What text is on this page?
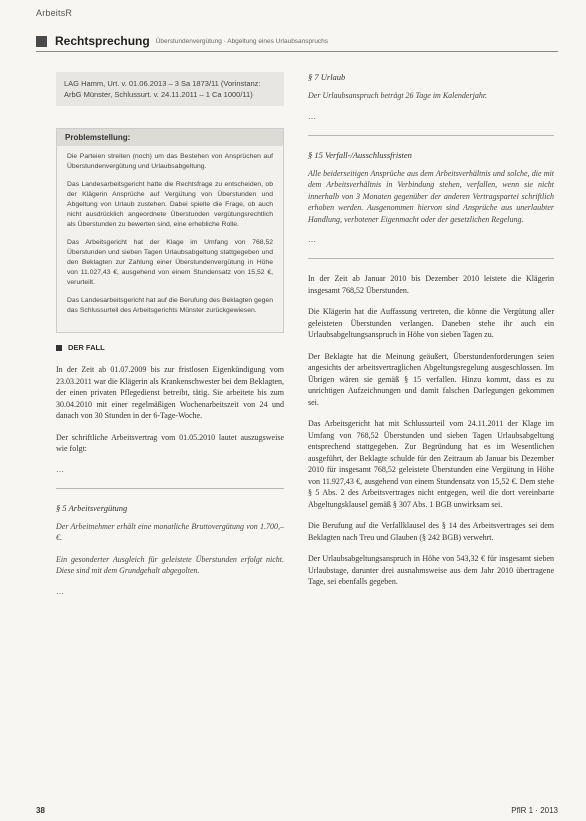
ArbeitsR
Rechtsprechung Überstundenvergütung · Abgeltung eines Urlaubsanspruchs
LAG Hamm, Urt. v. 01.06.2013 – 3 Sa 1873/11 (Vorinstanz: ArbG Münster, Schlussurt. v. 24.11.2011 – 1 Ca 1000/11)
Problemstellung:

Die Parteien streiten (noch) um das Bestehen von Ansprüchen auf Überstundenvergütung und Urlaubsabgeltung.

Das Landesarbeitsgericht hatte die Rechtsfrage zu entscheiden, ob der Klägerin Ansprüche auf Vergütung von Überstunden und Abgeltung von Urlaub zustehen. Dabei spielte die Frage, ob auch nicht ausdrücklich angeordnete Überstunden vergütungsrechtlich als Überstunden zu bewerten sind, eine erhebliche Rolle.

Das Arbeitsgericht hat der Klage im Umfang von 768,52 Überstunden und sieben Tagen Urlaubsabgeltung stattgegeben und den Beklagten zur Zahlung einer Überstundenvergütung in Höhe von 11.027,43 €, ausgehend von einem Stundensatz von 15,52 €, verurteilt.

Das Landesarbeitsgericht hat auf die Berufung des Beklagten gegen das Schlussurteil des Arbeitsgerichts Münster zurückgewiesen.

DER FALL

In der Zeit ab 01.07.2009 bis zur fristlosen Eigenkündigung vom 23.03.2011 war die Klägerin als Krankenschwester bei dem Beklagten, der einen privaten Pflegedienst betreibt, tätig. Sie arbeitete bis zum 30.04.2010 mit einer regelmäßigen Wochenarbeitszeit von 24 und danach von 30 Stunden in der 6-Tage-Woche.

Der schriftliche Arbeitsvertrag vom 01.05.2010 lautet auszugsweise wie folgt:

…

§ 5 Arbeitsvergütung

Der Arbeitnehmer erhält eine monatliche Bruttovergütung von 1.700,– €.

Ein gesonderter Ausgleich für geleistete Überstunden erfolgt nicht. Diese sind mit dem Grundgehalt abgegolten.

…

§ 7 Urlaub

Der Urlaubsanspruch beträgt 26 Tage im Kalenderjahr.

…

§ 15 Verfall-/Ausschlussfristen

Alle beiderseitigen Ansprüche aus dem Arbeitsverhältnis und solche, die mit dem Arbeitsverhältnis in Verbindung stehen, verfallen, wenn sie nicht innerhalb von 3 Monaten gegenüber der anderen Vertragspartei schriftlich erhoben werden. Ausgenommen hiervon sind Ansprüche aus unerlaubter Handlung, verbotener Eigenmacht oder der gesetzlichen Regelung.

…

In der Zeit ab Januar 2010 bis Dezember 2010 leistete die Klägerin insgesamt 768,52 Überstunden.

Die Klägerin hat die Auffassung vertreten, die könne die Vergütung aller geleisteten Überstunden verlangen. Daneben stehe ihr auch ein Urlaubsabgeltungsanspruch in Höhe von sieben Tagen zu.

Der Beklagte hat die Meinung geäußert, Überstundenforderungen seien angesichts der arbeitsvertraglichen Abgeltungsregelung ausgeschlossen. Im Übrigen wären sie gemäß § 15 verfallen. Hinzu kommt, dass es zu unrichtigen Aufzeichnungen und damit falschen Darlegungen gekommen sei.

Das Arbeitsgericht hat mit Schlussurteil vom 24.11.2011 der Klage im Umfang von 768,52 Überstunden und sieben Tagen Urlaubsabgeltung entsprechend stattgegeben. Zur Begründung hat es im Wesentlichen ausgeführt, der Beklagte schulde für den Zeitraum ab Januar bis Dezember 2010 für insgesamt 768,52 geleistete Überstunden eine Vergütung in Höhe von 11.927,43 €, ausgehend von einem Stundensatz von 15,52 €. Dem stehe § 5 Abs. 2 des Arbeitsvertrages nicht entgegen, weil die dort vereinbarte Abgeltungsklausel gemäß § 307 Abs. 1 BGB unwirksam sei.

Die Berufung auf die Verfallklausel des § 14 des Arbeitsvertrages sei dem Beklagten nach Treu und Glauben (§ 242 BGB) verwehrt.

Der Urlaubsabgeltungsanspruch in Höhe von 543,32 € für insgesamt sieben Urlaubstage, darunter drei ausnahmsweise aus dem Jahr 2010 übertragene Tage, sei ebenfalls gegeben.

38	PflR 1 · 2013
